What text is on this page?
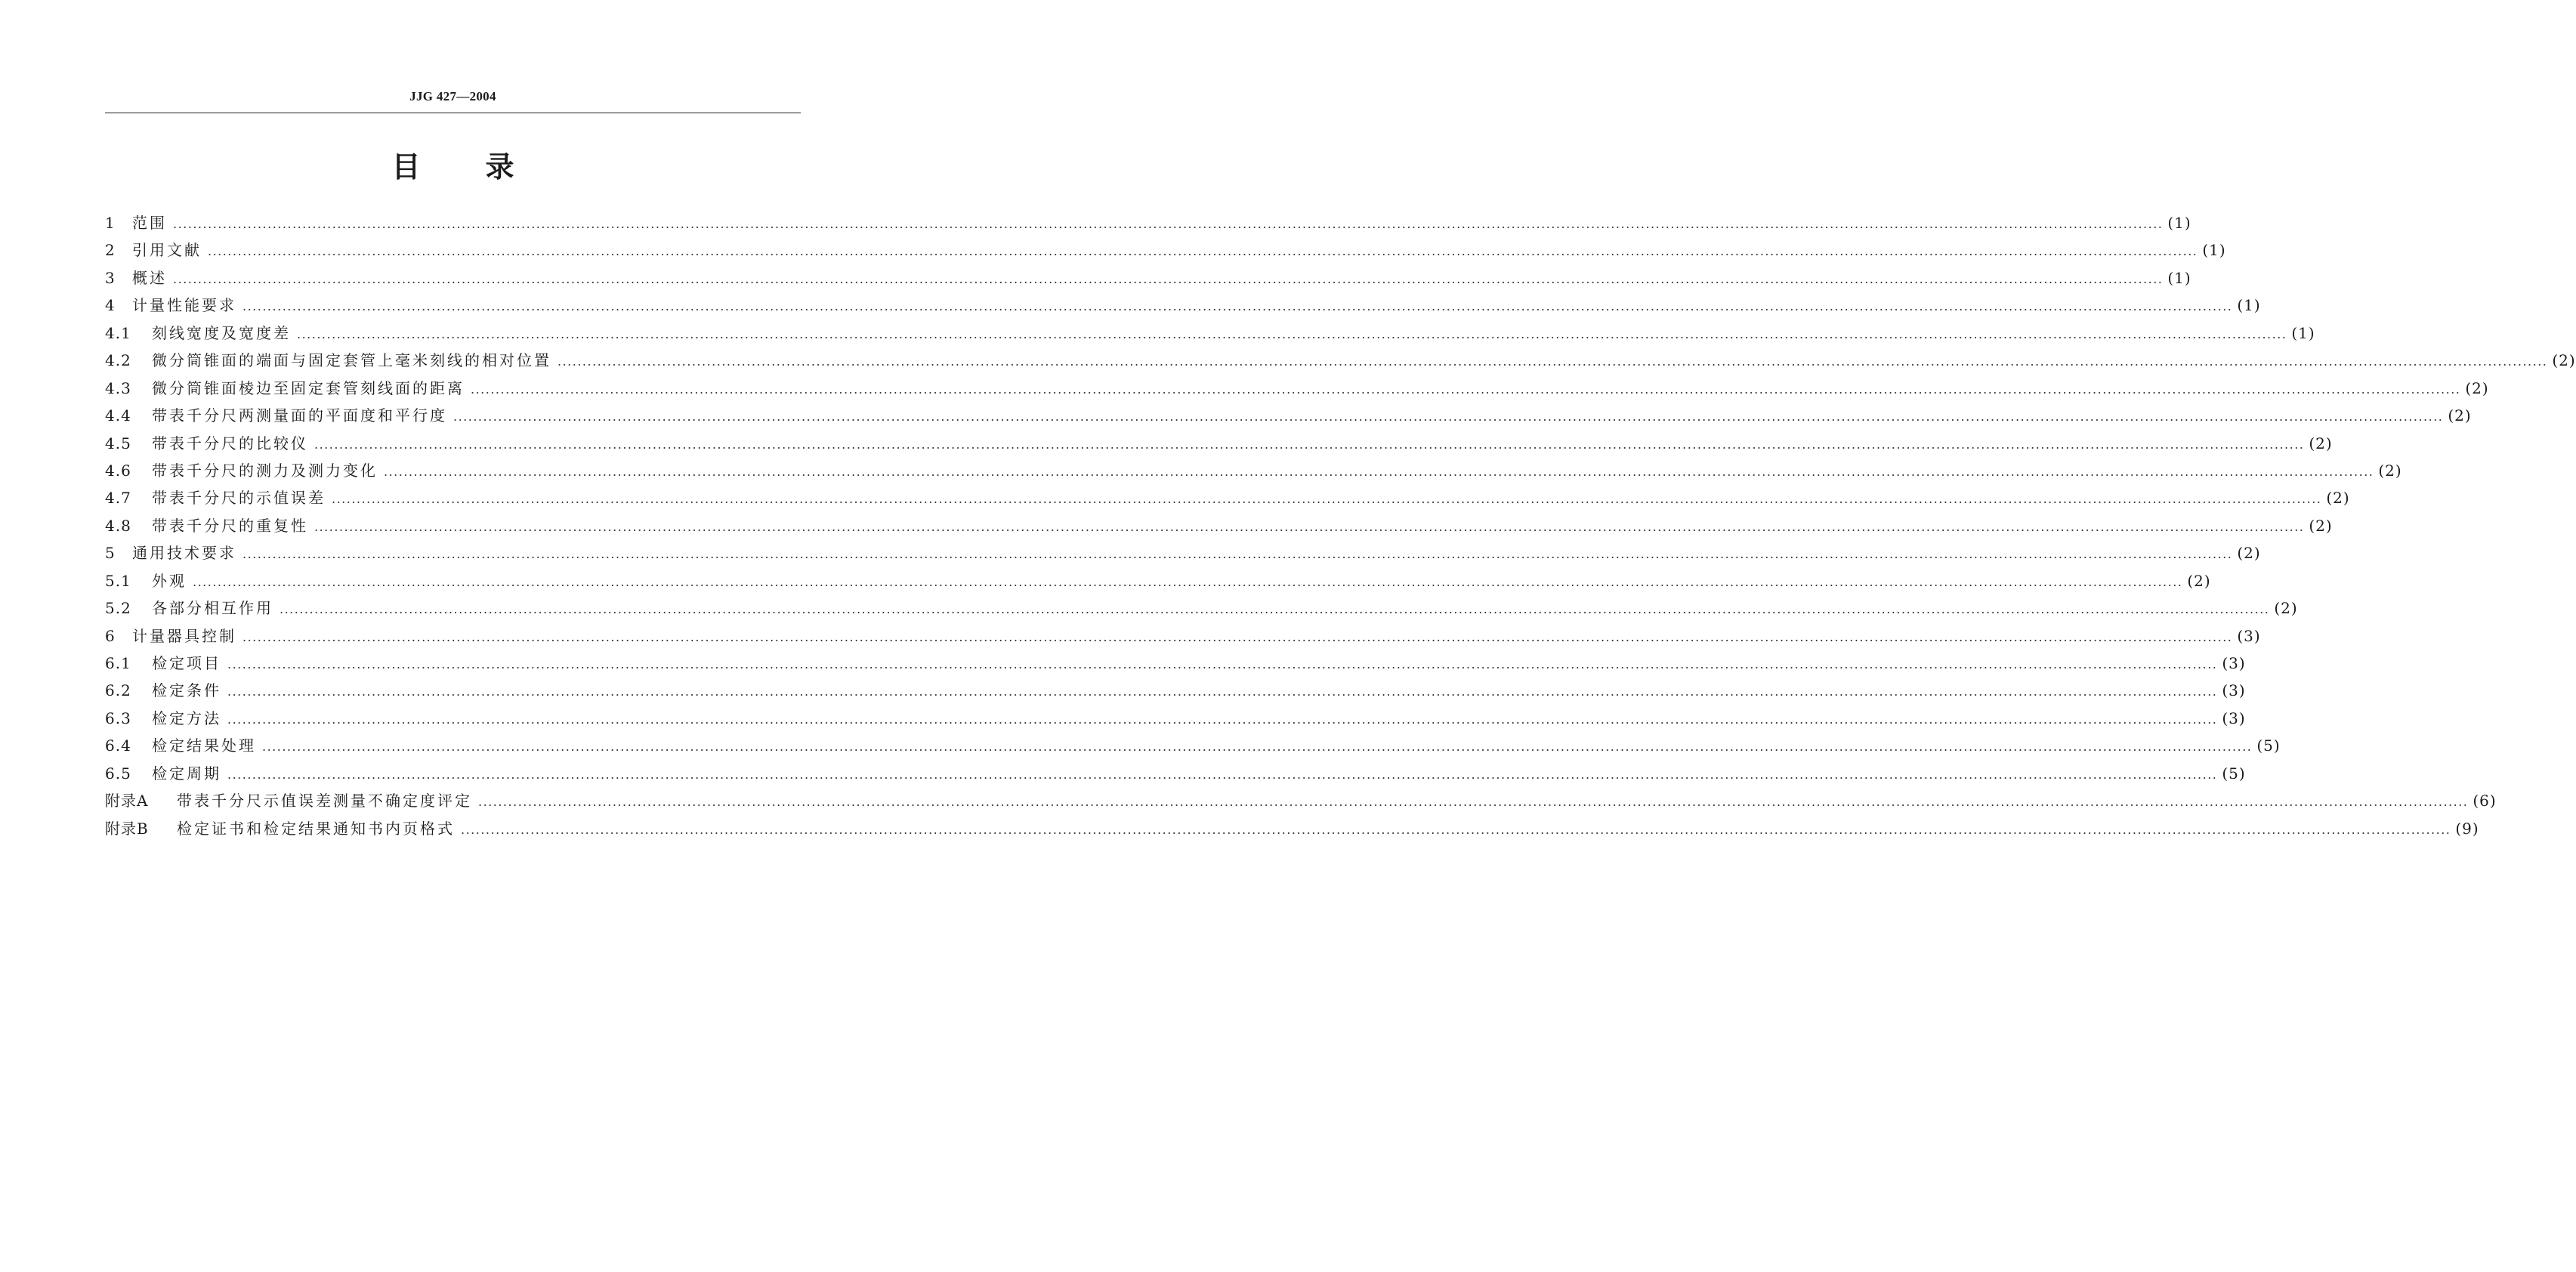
JJG 427—2004
目 录
1	范围 ................................................................................................................................................................................................................................................................................................................................................................................................................ (1)
2	引用文献 ................................................................................................................................................................................................................................................................................................................................................................................................................ (1)
3	概述 ................................................................................................................................................................................................................................................................................................................................................................................................................ (1)
4	计量性能要求 ................................................................................................................................................................................................................................................................................................................................................................................................................ (1)
4.1	刻线宽度及宽度差 ................................................................................................................................................................................................................................................................................................................................................................................................................ (1)
4.2	微分筒锥面的端面与固定套管上毫米刻线的相对位置 ................................................................................................................................................................................................................................................................................................................................................................................................................ (2)
4.3	微分筒锥面棱边至固定套管刻线面的距离 ................................................................................................................................................................................................................................................................................................................................................................................................................ (2)
4.4	带表千分尺两测量面的平面度和平行度 ................................................................................................................................................................................................................................................................................................................................................................................................................ (2)
4.5	带表千分尺的比较仪 ................................................................................................................................................................................................................................................................................................................................................................................................................ (2)
4.6	带表千分尺的测力及测力变化 ................................................................................................................................................................................................................................................................................................................................................................................................................ (2)
4.7	带表千分尺的示值误差 ................................................................................................................................................................................................................................................................................................................................................................................................................ (2)
4.8	带表千分尺的重复性 ................................................................................................................................................................................................................................................................................................................................................................................................................ (2)
5	通用技术要求 ................................................................................................................................................................................................................................................................................................................................................................................................................ (2)
5.1	外观 ................................................................................................................................................................................................................................................................................................................................................................................................................ (2)
5.2	各部分相互作用 ................................................................................................................................................................................................................................................................................................................................................................................................................ (2)
6	计量器具控制 ................................................................................................................................................................................................................................................................................................................................................................................................................ (3)
6.1	检定项目 ................................................................................................................................................................................................................................................................................................................................................................................................................ (3)
6.2	检定条件 ................................................................................................................................................................................................................................................................................................................................................................................................................ (3)
6.3	检定方法 ................................................................................................................................................................................................................................................................................................................................................................................................................ (3)
6.4	检定结果处理 ................................................................................................................................................................................................................................................................................................................................................................................................................ (5)
6.5	检定周期 ................................................................................................................................................................................................................................................................................................................................................................................................................ (5)
附录A	带表千分尺示值误差测量不确定度评定 ................................................................................................................................................................................................................................................................................................................................................................................................................ (6)
附录B	检定证书和检定结果通知书内页格式 ................................................................................................................................................................................................................................................................................................................................................................................................................ (9)
